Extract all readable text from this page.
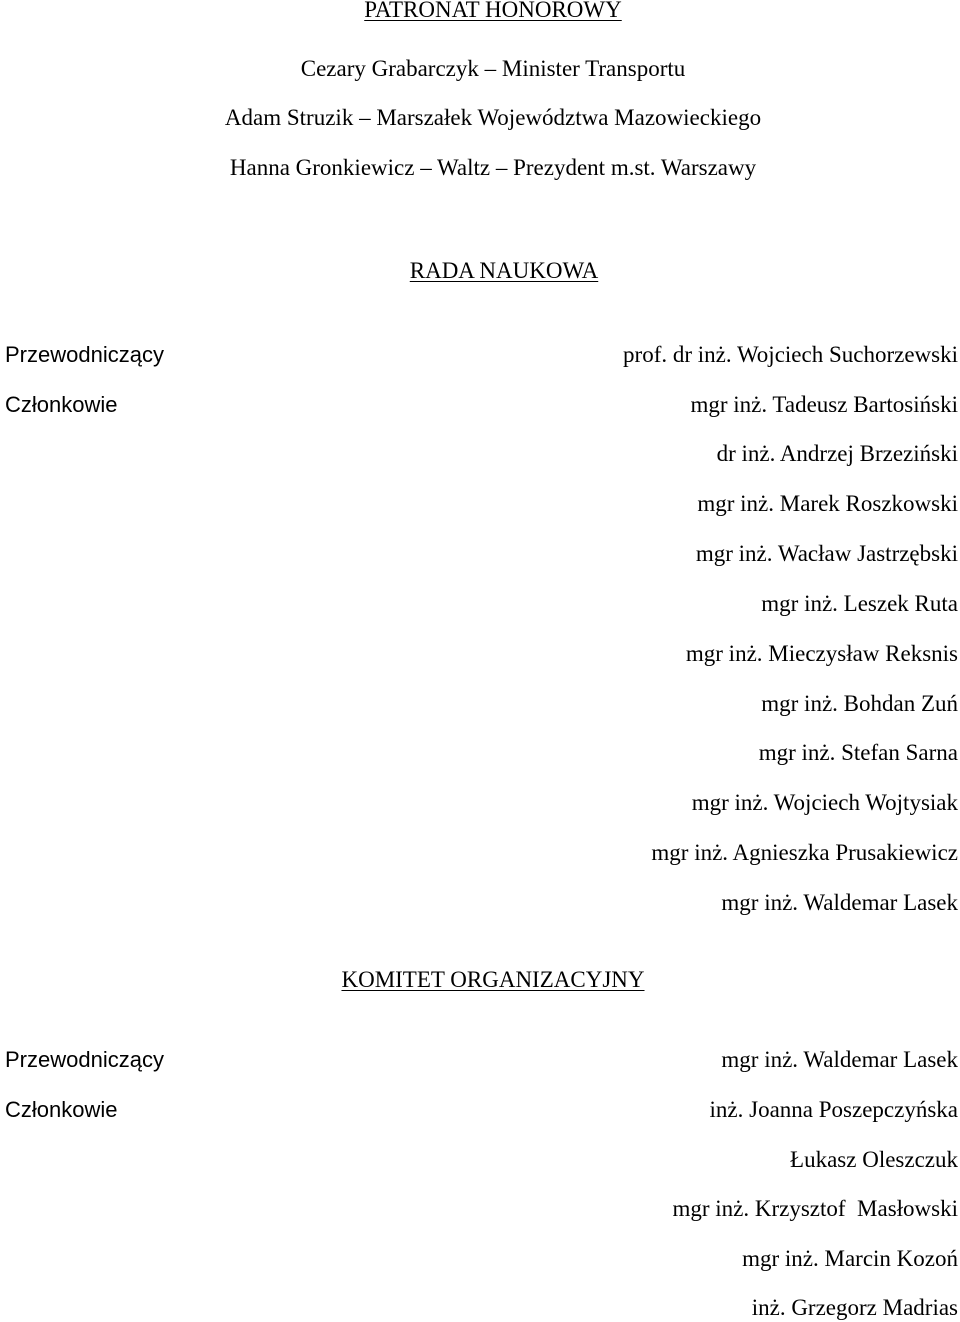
PATRONAT HONOROWY
Cezary Grabarczyk – Minister Transportu
Adam Struzik – Marszałek Województwa Mazowieckiego
Hanna Gronkiewicz – Waltz – Prezydent m.st. Warszawy
RADA NAUKOWA
Przewodniczący
Członkowie
prof. dr inż. Wojciech Suchorzewski
mgr inż. Tadeusz Bartosiński
dr inż. Andrzej Brzeziński
mgr inż. Marek Roszkowski
mgr inż. Wacław Jastrzębski
mgr inż. Leszek Ruta
mgr inż. Mieczysław Reksnis
mgr inż. Bohdan Zuń
mgr inż. Stefan Sarna
mgr inż. Wojciech Wojtysiak
mgr inż. Agnieszka Prusakiewicz
mgr inż. Waldemar Lasek
KOMITET ORGANIZACYJNY
Przewodniczący
Członkowie
mgr inż. Waldemar Lasek
inż. Joanna Poszepczyńska
Łukasz Oleszczuk
mgr inż. Krzysztof  Masłowski
mgr inż. Marcin Kozoń
inż. Grzegorz Madrias
